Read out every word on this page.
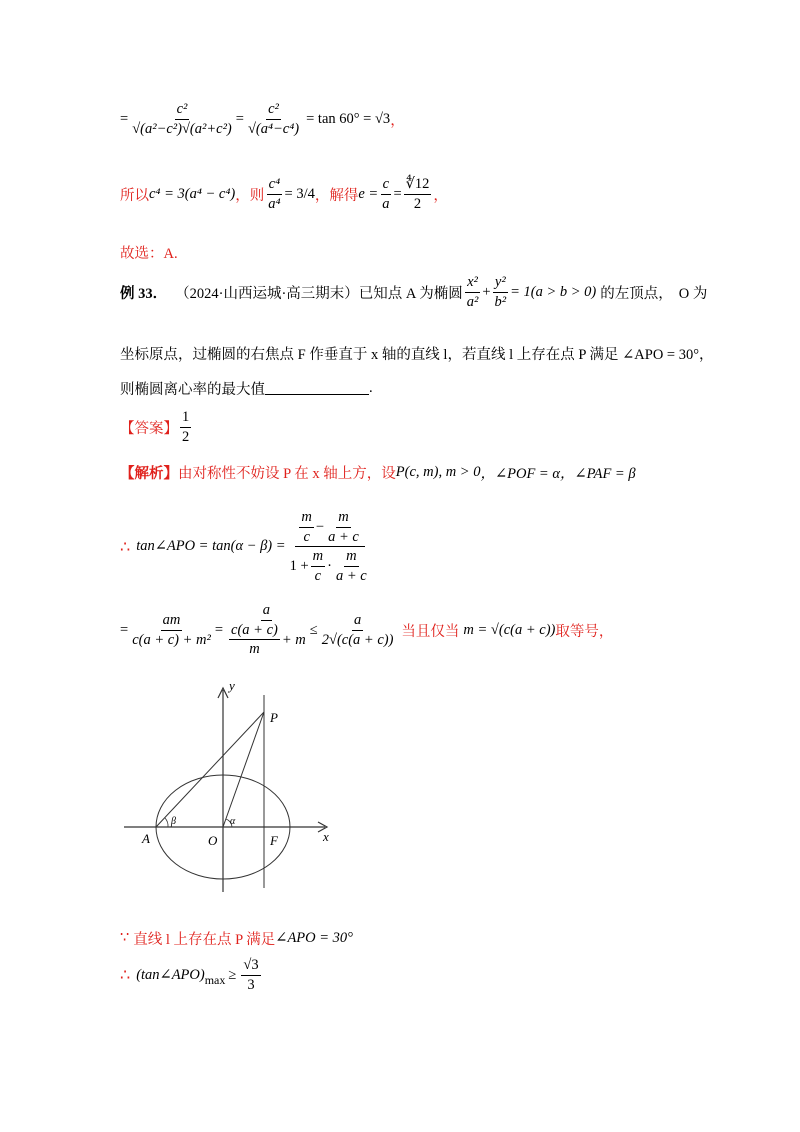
= $\frac{\text{c²}}{\text{√(a²−c²)√(a²+c²)}} = \frac{\text{c²}}{\text{√(a⁴−c⁴)}} = \tan 60^\circ = √3$ ，
所以 c⁴ = 3(a⁴ − c⁴) ，则 $\frac{\text{c⁴}}{\text{a⁴}} = 3/4$ ，解得 $e = \frac{c}{a} = \frac{∜12}{2}$ ，
故选：A.
例 33． （2024·山西运城·高三期末）已知点 A 为椭圆 $\frac{\text{x²}}{\text{a²}} + \frac{\text{y²}}{\text{b²}} = 1(a > b > 0)$ 的左顶点， O 为
坐标原点，过椭圆的右焦点 F 作垂直于 x 轴的直线 l，若直线 l 上存在点 P 满足 ∠APO = 30°，
则椭圆离心率的最大值	.
【答案】 $\frac{1}{2}$
【解析】 由对称性不妨设 P 在 x 轴上方，设 P(c, m), m > 0 ，∠POF = α ，∠PAF = β
∴ tan∠APO = tan(α − β) =
$\frac{m}{c} - \frac{m}{a + c}$
$1 + \frac{m}{c} \cdot \frac{m}{a + c}$
= $\frac{am}{\text{c(a + c) + m²}} = \frac{a}{\frac{c(a + c)}{m} + m} \le \frac{a}{2√(c(a + c))}$ 当且仅当 m = √(c(a + c)) 取等号，
y
x
P
A	O	F
α
β
∵ 直线 l 上存在点 P 满足 ∠APO = 30°
∴ (tan∠APO) $\max \ge \frac{√3}{3}$
